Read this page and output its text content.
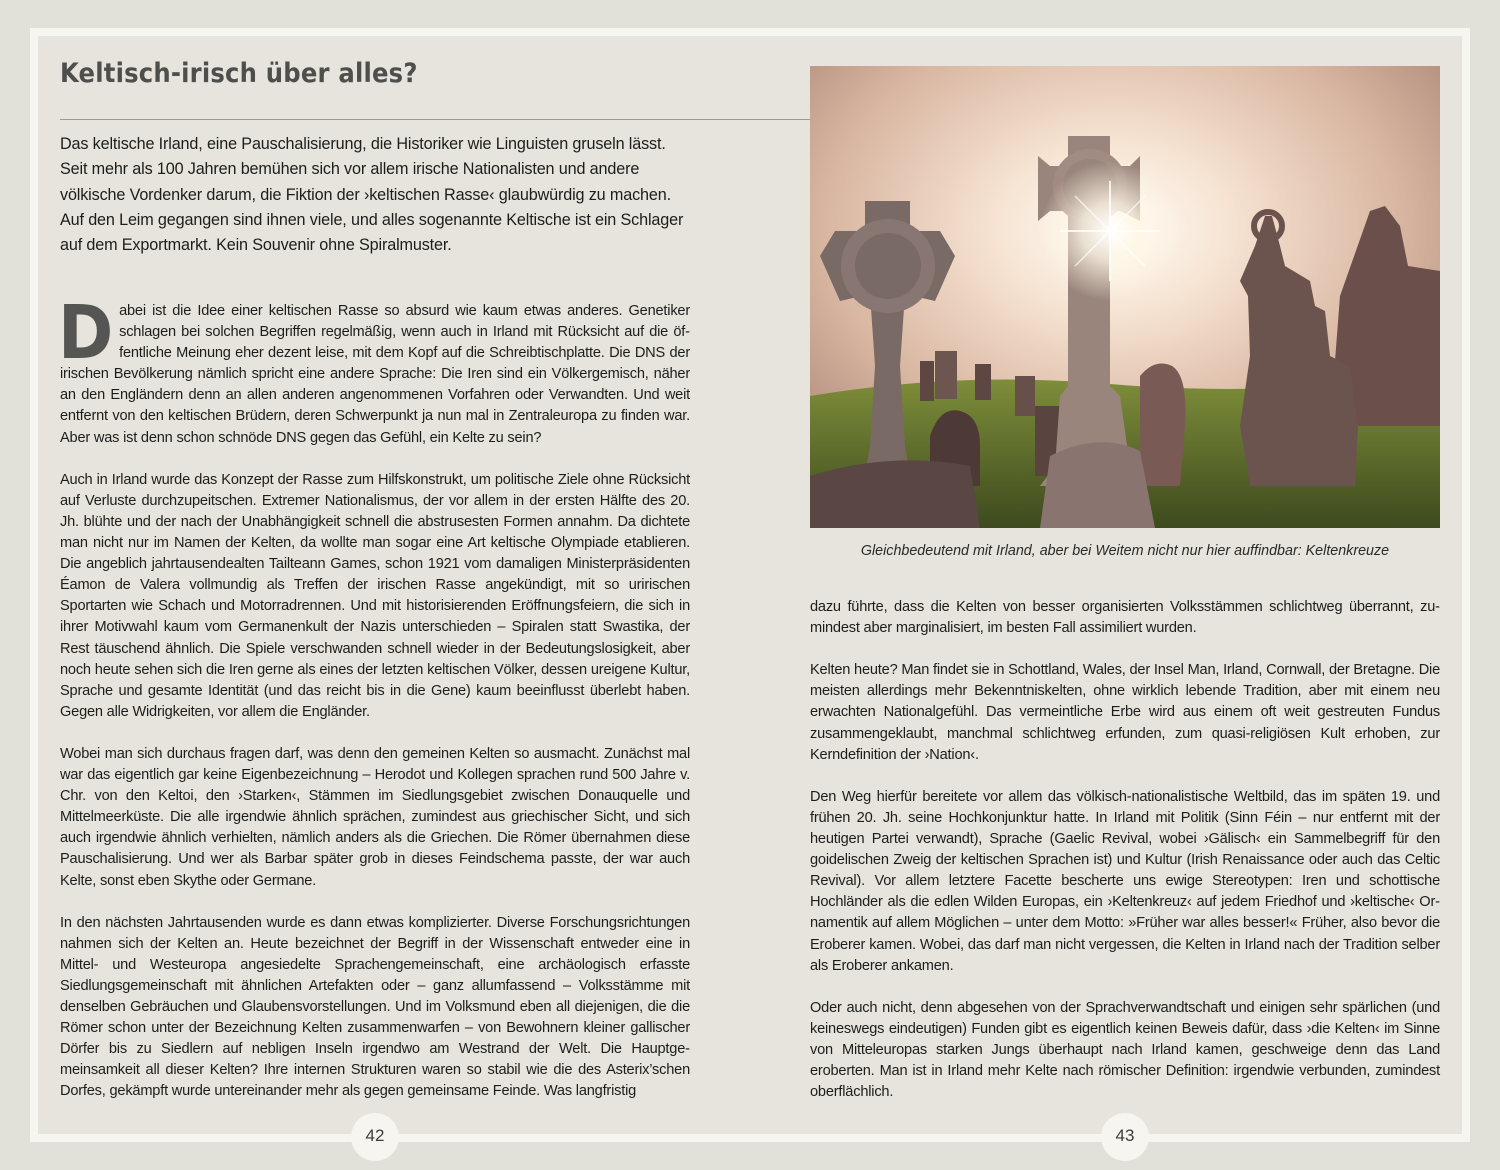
Keltisch-irisch über alles?
Das keltische Irland, eine Pauschalisierung, die Historiker wie Linguisten gruseln lässt.
Seit mehr als 100 Jahren bemühen sich vor allem irische Nationalisten und andere
völkische Vordenker darum, die Fiktion der ›keltischen Rasse‹ glaubwürdig zu machen.
Auf den Leim gegangen sind ihnen viele, und alles sogenannte Keltische ist ein Schlager
auf dem Exportmarkt. Kein Souvenir ohne Spiralmuster.

Dabei ist die Idee einer keltischen Rasse so absurd wie kaum etwas anderes. Genetiker schlagen bei solchen Begriffen regelmäßig, wenn auch in Irland mit Rücksicht auf die öffentliche Meinung eher dezent leise, mit dem Kopf auf die Schreibtischplatte. Die DNS der irischen Bevölkerung nämlich spricht eine andere Sprache: Die Iren sind ein Völkergemisch, näher an den Engländern denn an allen anderen angenommenen Vorfahren oder Verwandten. Und weit entfernt von den keltischen Brüdern, deren Schwerpunkt ja nun mal in Zentraleuropa zu finden war. Aber was ist denn schon schnöde DNS gegen das Gefühl, ein Kelte zu sein?

Auch in Irland wurde das Konzept der Rasse zum Hilfskonstrukt, um politische Ziele ohne Rücksicht auf Verluste durchzupeitschen. Extremer Nationalismus, der vor allem in der ersten Hälfte des 20. Jh. blühte und der nach der Unabhängigkeit schnell die abstrusesten Formen annahm. Da dichtete man nicht nur im Namen der Kelten, da wollte man sogar eine Art keltische Olympiade etablieren. Die angeblich jahrtausendealten Tailteann Games, schon 1921 vom damaligen Ministerpräsidenten Éamon de Valera vollmundig als Treffen der irischen Rasse angekündigt, mit so uririschen Sportarten wie Schach und Motorradrennen. Und mit historisierenden Eröffnungsfeiern, die sich in ihrer Motivwahl kaum vom Germanenkult der Nazis unterschieden – Spiralen statt Swastika, der Rest täuschend ähnlich. Die Spiele verschwanden schnell wieder in der Bedeutungslosigkeit, aber noch heute sehen sich die Iren gerne als eines der letzten keltischen Völker, dessen ureigene Kultur, Sprache und gesamte Identität (und das reicht bis in die Gene) kaum beeinflusst überlebt haben. Gegen alle Widrigkeiten, vor allem die Engländer.

Wobei man sich durchaus fragen darf, was denn den gemeinen Kelten so ausmacht. Zunächst mal war das eigentlich gar keine Eigenbezeichnung – Herodot und Kollegen sprachen rund 500 Jahre v. Chr. von den Keltoi, den ›Starken‹, Stämmen im Siedlungsgebiet zwischen Donauquelle und Mittelmeerküste. Die alle irgendwie ähnlich sprächen, zumindest aus griechischer Sicht, und sich auch irgendwie ähnlich verhielten, nämlich anders als die Griechen. Die Römer übernahmen diese Pauschalisierung. Und wer als Barbar später grob in dieses Feindschema passte, der war auch Kelte, sonst eben Skythe oder Germane.

In den nächsten Jahrtausenden wurde es dann etwas komplizierter. Diverse Forschungsrichtungen nahmen sich der Kelten an. Heute bezeichnet der Begriff in der Wissenschaft entweder eine in Mittel- und Westeuropa angesiedelte Sprachengemeinschaft, eine archäologisch erfasste Siedlungsgemeinschaft mit ähnlichen Artefakten oder – ganz allumfassend – Volksstämme mit denselben Gebräuchen und Glaubensvorstellungen. Und im Volksmund eben all diejenigen, die die Römer schon unter der Bezeichnung Kelten zusammenwarfen – von Bewohnern kleiner gallischer Dörfer bis zu Siedlern auf nebligen Inseln irgendwo am Westrand der Welt. Die Hauptgemeinsamkeit all dieser Kelten? Ihre internen Strukturen waren so stabil wie die des Asterix’schen Dorfes, gekämpft wurde untereinander mehr als gegen gemeinsame Feinde. Was langfristig

Gleichbedeutend mit Irland, aber bei Weitem nicht nur hier auffindbar: Keltenkreuze

dazu führte, dass die Kelten von besser organisierten Volksstämmen schlichtweg überrannt, zumindest aber marginalisiert, im besten Fall assimiliert wurden.

Kelten heute? Man findet sie in Schottland, Wales, der Insel Man, Irland, Cornwall, der Bretagne. Die meisten allerdings mehr Bekenntniskelten, ohne wirklich lebende Tradition, aber mit einem neu erwachten Nationalgefühl. Das vermeintliche Erbe wird aus einem oft weit gestreuten Fundus zusammengeklaubt, manchmal schlichtweg erfunden, zum quasi-religiösen Kult erhoben, zur Kerndefinition der ›Nation‹.

Den Weg hierfür bereitete vor allem das völkisch-nationalistische Weltbild, das im späten 19. und frühen 20. Jh. seine Hochkonjunktur hatte. In Irland mit Politik (Sinn Féin – nur entfernt mit der heutigen Partei verwandt), Sprache (Gaelic Revival, wobei ›Gälisch‹ ein Sammelbegriff für den goidelischen Zweig der keltischen Sprachen ist) und Kultur (Irish Renaissance oder auch das Celtic Revival). Vor allem letztere Facette bescherte uns ewige Stereotypen: Iren und schottische Hochländer als die edlen Wilden Europas, ein ›Keltenkreuz‹ auf jedem Friedhof und ›keltische‹ Ornamentik auf allem Möglichen – unter dem Motto: »Früher war alles besser!« Früher, also bevor die Eroberer kamen. Wobei, das darf man nicht vergessen, die Kelten in Irland nach der Tradition selber als Eroberer ankamen.

Oder auch nicht, denn abgesehen von der Sprachverwandtschaft und einigen sehr spärlichen (und keineswegs eindeutigen) Funden gibt es eigentlich keinen Beweis dafür, dass ›die Kelten‹ im Sinne von Mitteleuropas starken Jungs überhaupt nach Irland kamen, geschweige denn das Land eroberten. Man ist in Irland mehr Kelte nach römischer Definition: irgendwie verbunden, zumindest oberflächlich.

42	43
